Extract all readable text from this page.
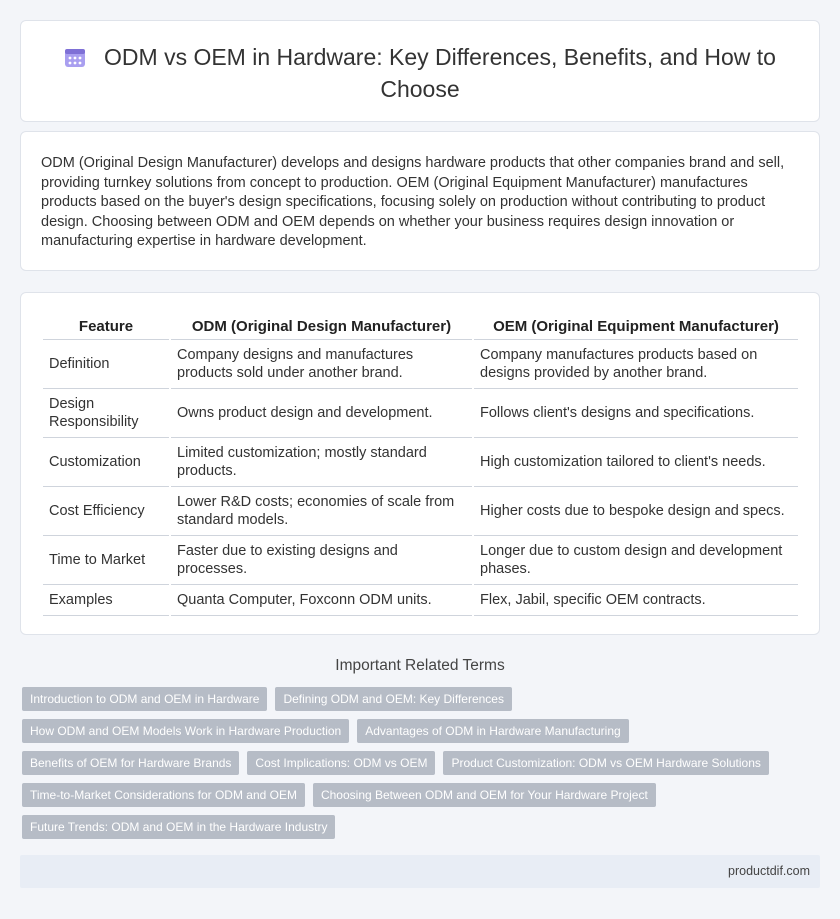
ODM vs OEM in Hardware: Key Differences, Benefits, and How to Choose

ODM (Original Design Manufacturer) develops and designs hardware products that other companies brand and sell, providing turnkey solutions from concept to production. OEM (Original Equipment Manufacturer) manufactures products based on the buyer's design specifications, focusing solely on production without contributing to product design. Choosing between ODM and OEM depends on whether your business requires design innovation or manufacturing expertise in hardware development.

Feature	ODM (Original Design Manufacturer)	OEM (Original Equipment Manufacturer)
Definition	Company designs and manufactures products sold under another brand.	Company manufactures products based on designs provided by another brand.
Design Responsibility	Owns product design and development.	Follows client's designs and specifications.
Customization	Limited customization; mostly standard products.	High customization tailored to client's needs.
Cost Efficiency	Lower R&D costs; economies of scale from standard models.	Higher costs due to bespoke design and specs.
Time to Market	Faster due to existing designs and processes.	Longer due to custom design and development phases.
Examples	Quanta Computer, Foxconn ODM units.	Flex, Jabil, specific OEM contracts.
Important Related Terms
Introduction to ODM and OEM in Hardware	Defining ODM and OEM: Key Differences
How ODM and OEM Models Work in Hardware Production	Advantages of ODM in Hardware Manufacturing
Benefits of OEM for Hardware Brands	Cost Implications: ODM vs OEM	Product Customization: ODM vs OEM Hardware Solutions
Time-to-Market Considerations for ODM and OEM	Choosing Between ODM and OEM for Your Hardware Project
Future Trends: ODM and OEM in the Hardware Industry
productdif.com
